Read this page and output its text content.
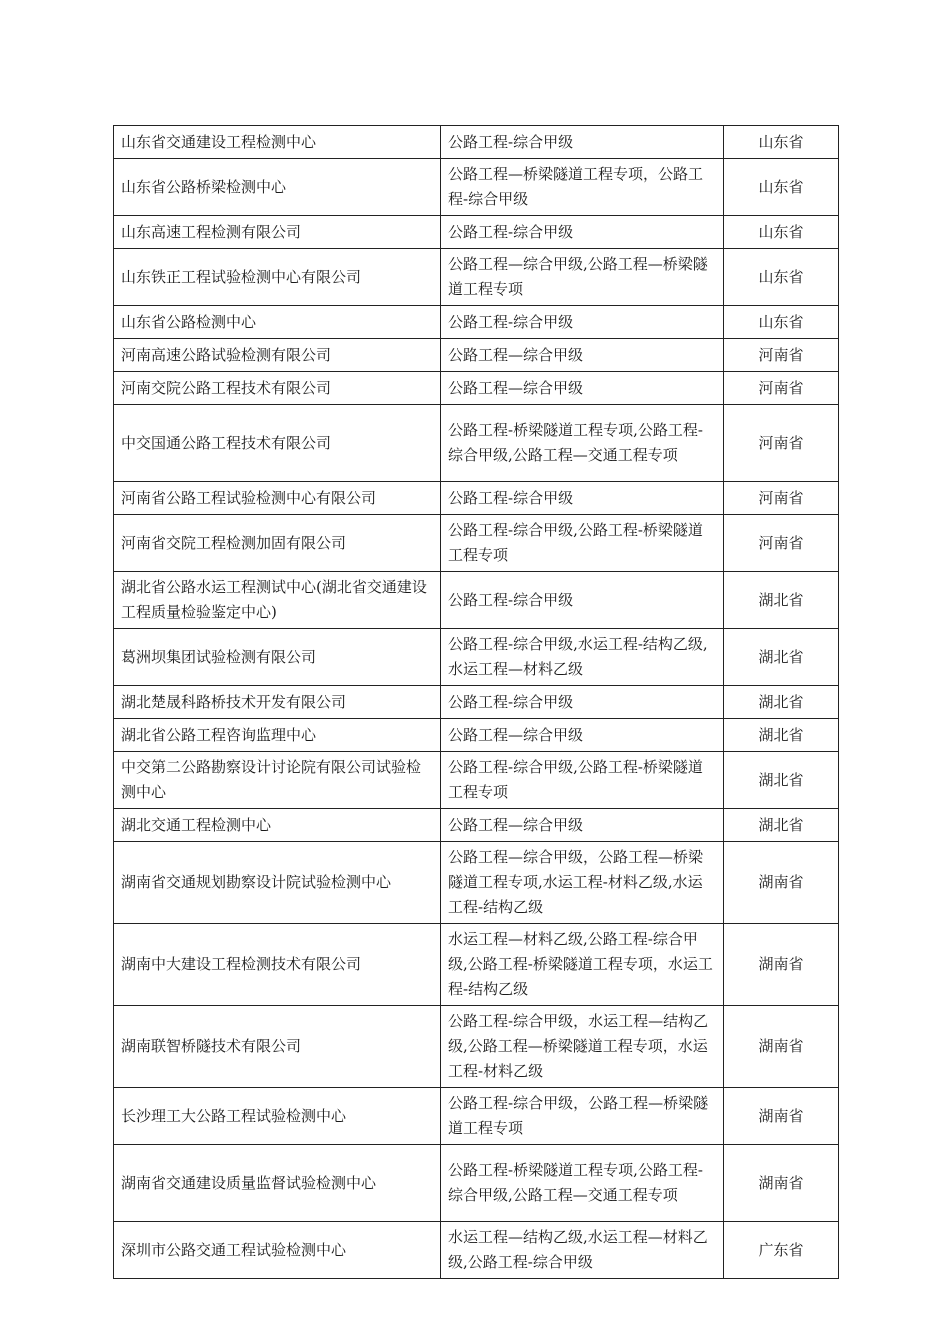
山东省交通建设工程检测中心	公路工程-综合甲级	山东省
山东省公路桥梁检测中心	公路工程—桥梁隧道工程专项，公路工程-综合甲级	山东省
山东高速工程检测有限公司	公路工程-综合甲级	山东省
山东铁正工程试验检测中心有限公司	公路工程—综合甲级,公路工程—桥梁隧道工程专项	山东省
山东省公路检测中心	公路工程-综合甲级	山东省
河南高速公路试验检测有限公司	公路工程—综合甲级	河南省
河南交院公路工程技术有限公司	公路工程—综合甲级	河南省
中交国通公路工程技术有限公司	公路工程-桥梁隧道工程专项,公路工程-综合甲级,公路工程—交通工程专项	河南省
河南省公路工程试验检测中心有限公司	公路工程-综合甲级	河南省
河南省交院工程检测加固有限公司	公路工程-综合甲级,公路工程-桥梁隧道工程专项	河南省
湖北省公路水运工程测试中心(湖北省交通建设工程质量检验鉴定中心)	公路工程-综合甲级	湖北省
葛洲坝集团试验检测有限公司	公路工程-综合甲级,水运工程-结构乙级,水运工程—材料乙级	湖北省
湖北楚晟科路桥技术开发有限公司	公路工程-综合甲级	湖北省
湖北省公路工程咨询监理中心	公路工程—综合甲级	湖北省
中交第二公路勘察设计讨论院有限公司试验检测中心	公路工程-综合甲级,公路工程-桥梁隧道工程专项	湖北省
湖北交通工程检测中心	公路工程—综合甲级	湖北省
湖南省交通规划勘察设计院试验检测中心	公路工程—综合甲级，公路工程—桥梁隧道工程专项,水运工程-材料乙级,水运工程-结构乙级	湖南省
湖南中大建设工程检测技术有限公司	水运工程—材料乙级,公路工程-综合甲级,公路工程-桥梁隧道工程专项，水运工程-结构乙级	湖南省
湖南联智桥隧技术有限公司	公路工程-综合甲级，水运工程—结构乙级,公路工程—桥梁隧道工程专项，水运工程-材料乙级	湖南省
长沙理工大公路工程试验检测中心	公路工程-综合甲级，公路工程—桥梁隧道工程专项	湖南省
湖南省交通建设质量监督试验检测中心	公路工程-桥梁隧道工程专项,公路工程-综合甲级,公路工程—交通工程专项	湖南省
深圳市公路交通工程试验检测中心	水运工程—结构乙级,水运工程—材料乙级,公路工程-综合甲级	广东省
